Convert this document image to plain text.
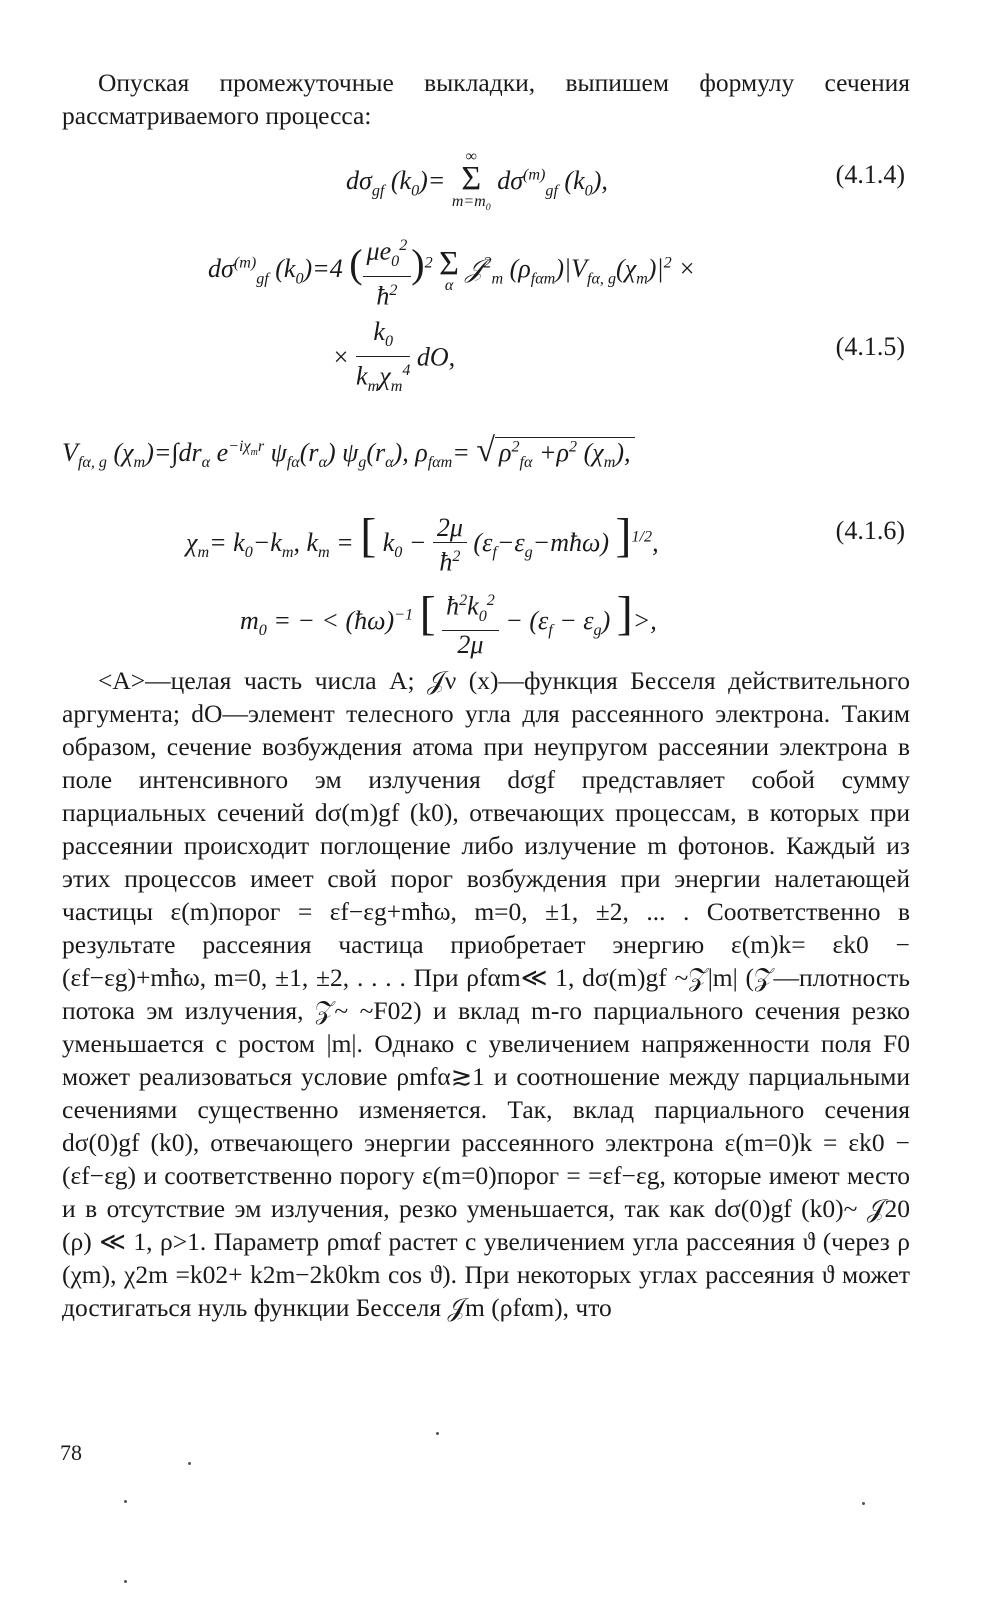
Опуская промежуточные выкладки, выпишем формулу сечения рассматриваемого процесса:
$d\sigma_{gf}$ $(k_0)=$
∞
Σ
$m=m_0$
$d\sigma^{(m)}_{gf}$ $(k_0)$,	(4.1.4)
$d\sigma^{(m)}_{gf}$ $(k_0)=4$ ( $\frac{\mu e_0^2}{ħ^2} )^2$ Σ
α
𝒥$^2_m$ $(\rho_{f\alpha m})|V_{f\alpha, g}(\chi_m)|^2$ ×
× $\frac{k_0}{k_m\chi_m^4}$ dO,	(4.1.5)
$V_{f\alpha, g}$ $(\chi_m)=\int dr_\alpha$ $e^{-i\chi_mr}$ $\psi_{f\alpha}(r_\alpha)$ $\psi_g(r_\alpha)$, $\rho_{f\alpha m}=$ √ $\rho^2_{f\alpha} +\rho^2$ $(\chi_m)$,
$\chi_m= k_0-k_m$, $k_m$ = [ $k_0 - \frac{2\mu}{ħ^2}$ $(\varepsilon_f-\varepsilon_g-mħ\omega)$ ]$^{1/2}$,	(4.1.6)
$m_0$ = − < (ħω)$^{-1}$ [ $\frac{ħ^2k_0^2}{2\mu} - (\varepsilon_f - \varepsilon_g)$ ]>,

<A>—целая часть числа A; 𝒥ν (x)—функция Бесселя действительного аргумента; dO—элемент телесного угла для рассеянного электрона. Таким образом, сечение возбуждения атома при неупругом рассеянии электрона в поле интенсивного эм излучения dσgf представляет собой сумму парциальных сечений dσ(m)gf (k0), отвечающих процессам, в которых при рассеянии происходит поглощение либо излучение m фотонов. Каждый из этих процессов имеет свой порог возбуждения при энергии налетающей частицы ε(m)порог = εf−εg+mħω, m=0, ±1, ±2, ... . Соответственно в результате рассеяния частица приобретает энергию ε(m)k= εk0 −(εf−εg)+mħω, m=0, ±1, ±2, . . . . При ρfαm≪ 1, dσ(m)gf ~𝒵|m| (𝒵—плотность потока эм излучения, 𝒵~ ~F02) и вклад m-го парциального сечения резко уменьшается с ростом |m|. Однако с увеличением напряженности поля F0 может реализоваться условие ρmfα≳1 и соотношение между парциальными сечениями существенно изменяется. Так, вклад парциального сечения dσ(0)gf (k0), отвечающего энергии рассеянного электрона ε(m=0)k = εk0 −(εf−εg) и соответственно порогу ε(m=0)порог = =εf−εg, которые имеют место и в отсутствие эм излучения, резко уменьшается, так как dσ(0)gf (k0)~ 𝒥20 (ρ) ≪ 1, ρ>1. Параметр ρmαf растет с увеличением угла рассеяния ϑ (через ρ (χm), χ2m =k02+ k2m−2k0km cos ϑ). При некоторых углах рассеяния ϑ может достигаться нуль функции Бесселя 𝒥m (ρfαm), что

78
